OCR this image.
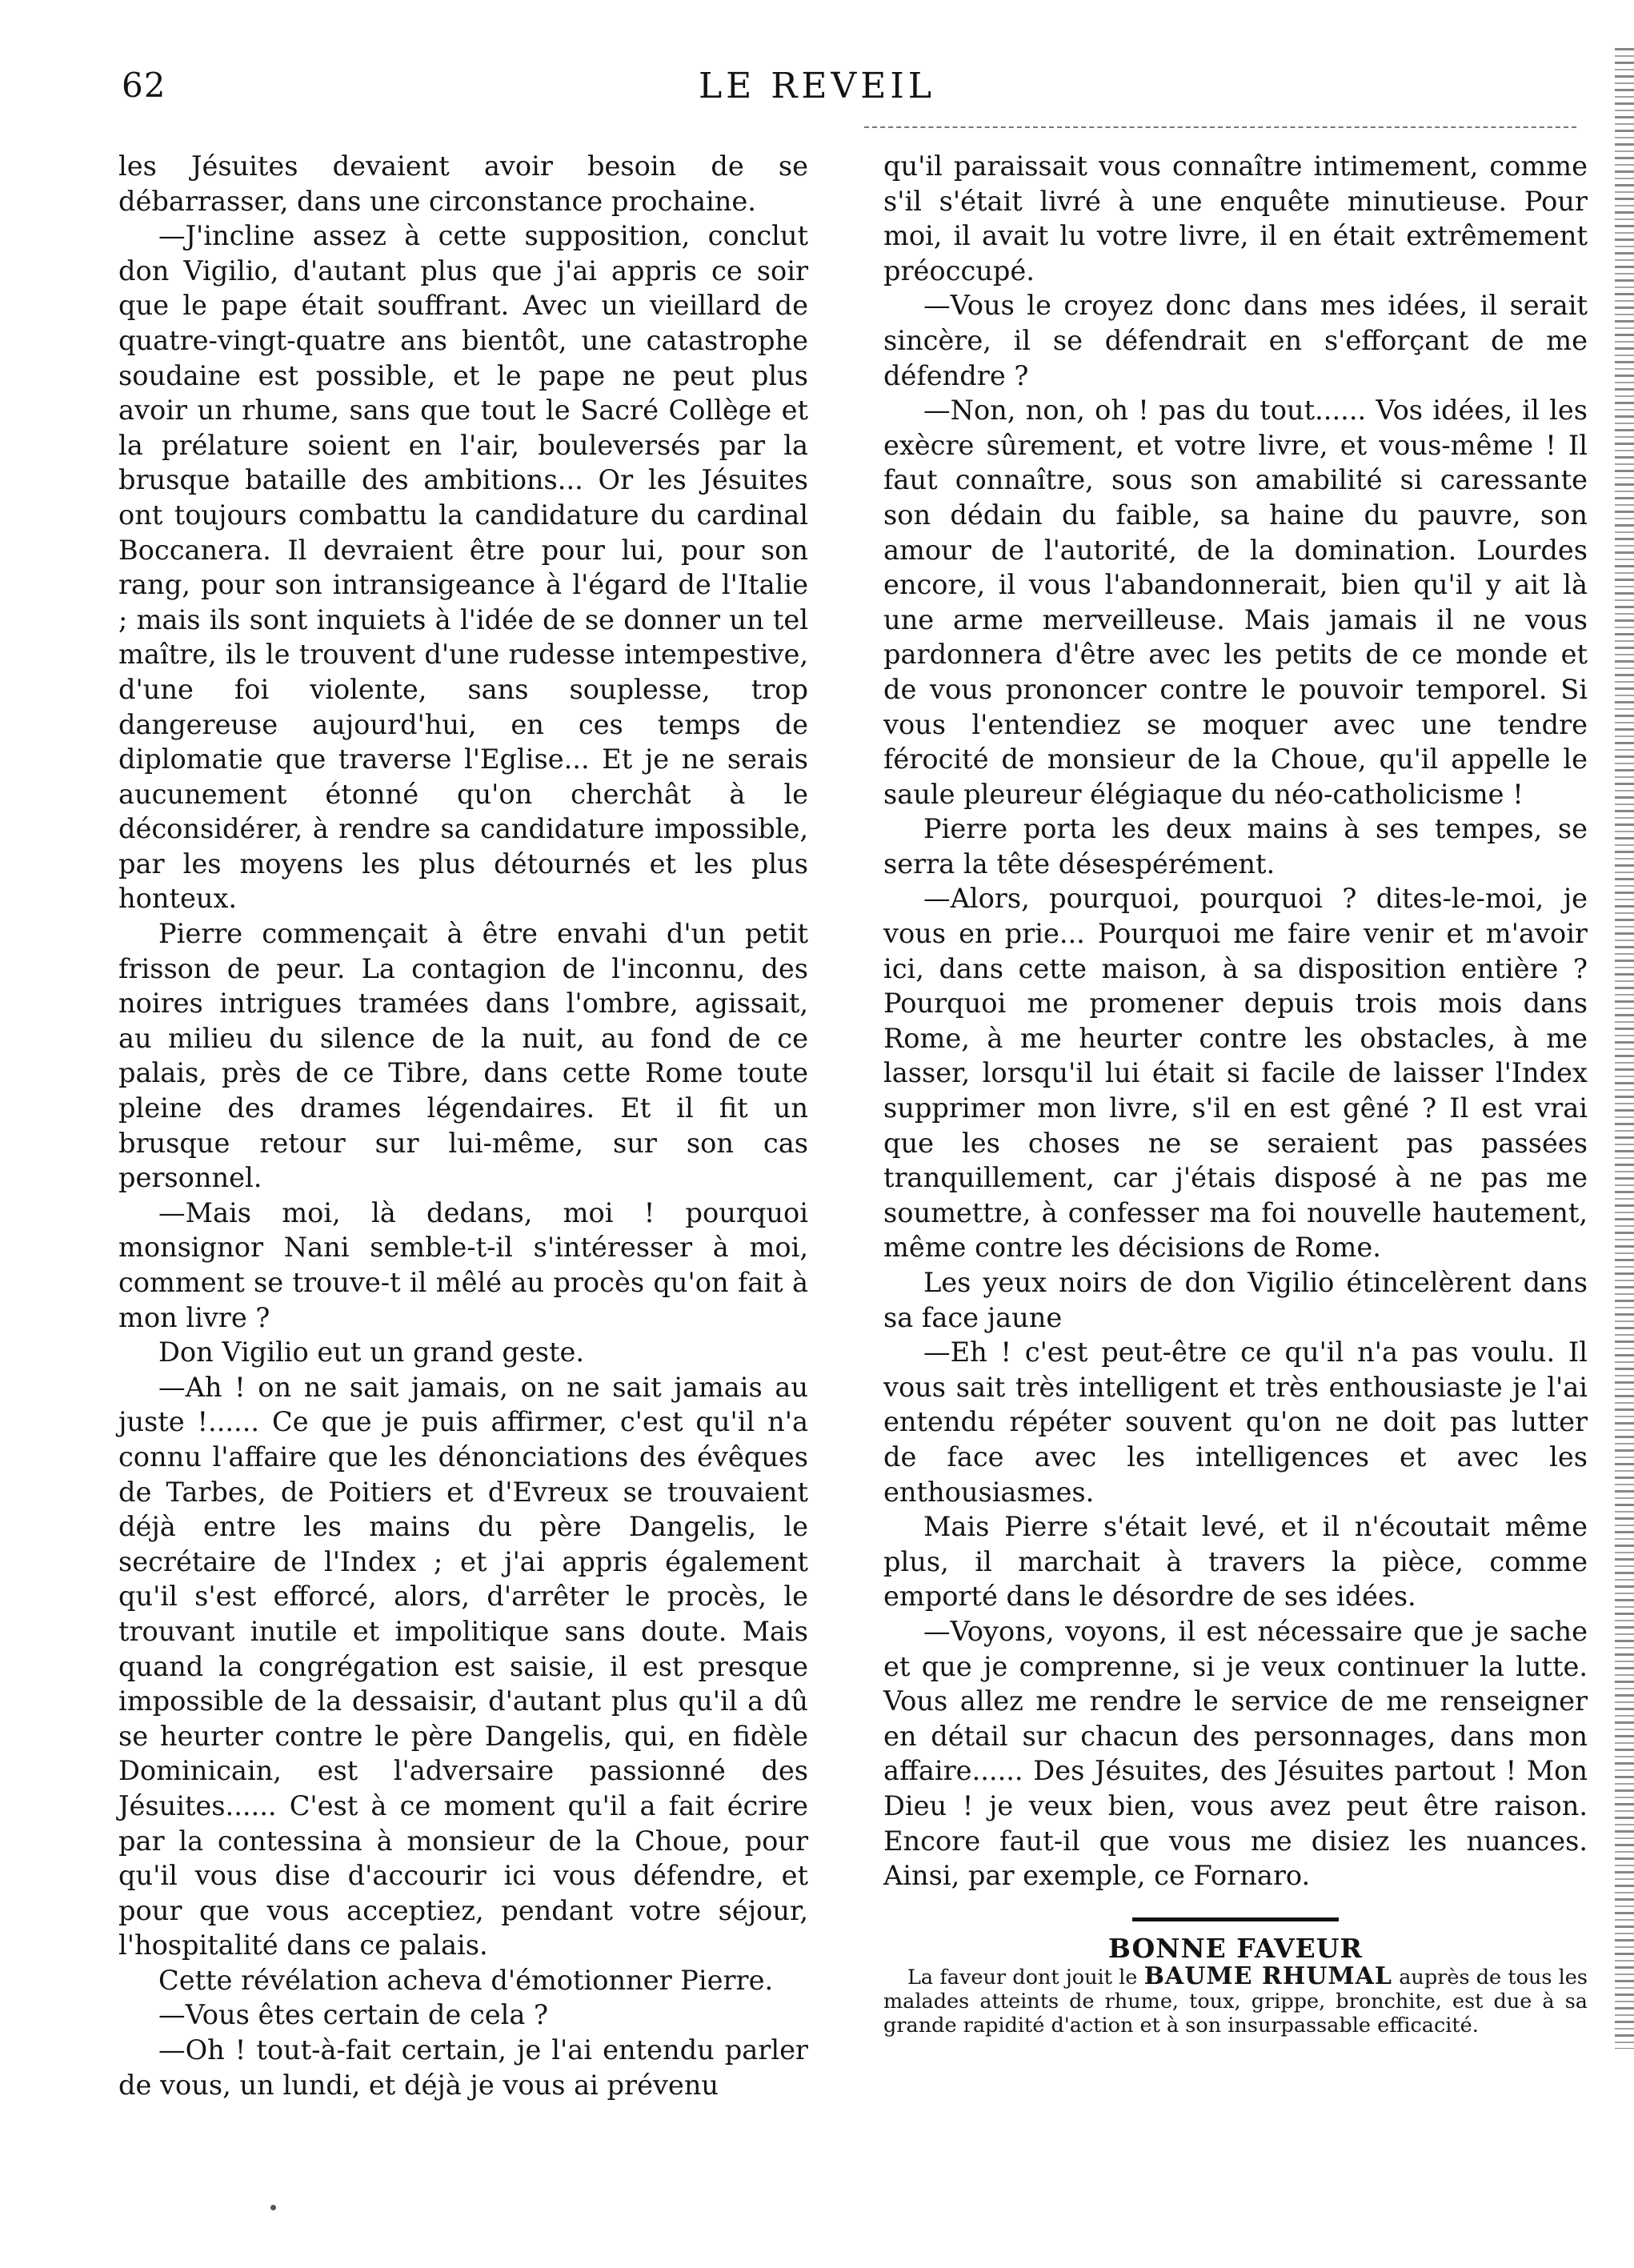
62	LE REVEIL

les Jésuites devaient avoir besoin de se débarrasser, dans une circonstance prochaine.

—J'incline assez à cette supposition, conclut don Vigilio, d'autant plus que j'ai appris ce soir que le pape était souffrant. Avec un vieillard de quatre-vingt-quatre ans bientôt, une catastrophe soudaine est possible, et le pape ne peut plus avoir un rhume, sans que tout le Sacré Collège et la prélature soient en l'air, bouleversés par la brusque bataille des ambitions... Or les Jésuites ont toujours combattu la candidature du cardinal Boccanera. Il devraient être pour lui, pour son rang, pour son intransigeance à l'égard de l'Italie ; mais ils sont inquiets à l'idée de se donner un tel maître, ils le trouvent d'une rudesse intempestive, d'une foi violente, sans souplesse, trop dangereuse aujourd'hui, en ces temps de diplomatie que traverse l'Eglise... Et je ne serais aucunement étonné qu'on cherchât à le déconsidérer, à rendre sa candidature impossible, par les moyens les plus détournés et les plus honteux.

Pierre commençait à être envahi d'un petit frisson de peur. La contagion de l'inconnu, des noires intrigues tramées dans l'ombre, agissait, au milieu du silence de la nuit, au fond de ce palais, près de ce Tibre, dans cette Rome toute pleine des drames légendaires. Et il fit un brusque retour sur lui-même, sur son cas personnel.

—Mais moi, là dedans, moi ! pourquoi monsignor Nani semble-t-il s'intéresser à moi, comment se trouve-t il mêlé au procès qu'on fait à mon livre ?

Don Vigilio eut un grand geste.

—Ah ! on ne sait jamais, on ne sait jamais au juste !...... Ce que je puis affirmer, c'est qu'il n'a connu l'affaire que les dénonciations des évêques de Tarbes, de Poitiers et d'Evreux se trouvaient déjà entre les mains du père Dangelis, le secrétaire de l'Index ; et j'ai appris également qu'il s'est efforcé, alors, d'arrêter le procès, le trouvant inutile et impolitique sans doute. Mais quand la congrégation est saisie, il est presque impossible de la dessaisir, d'autant plus qu'il a dû se heurter contre le père Dangelis, qui, en fidèle Dominicain, est l'adversaire passionné des Jésuites...... C'est à ce moment qu'il a fait écrire par la contessina à monsieur de la Choue, pour qu'il vous dise d'accourir ici vous défendre, et pour que vous acceptiez, pendant votre séjour, l'hospitalité dans ce palais.

Cette révélation acheva d'émotionner Pierre.

—Vous êtes certain de cela ?

—Oh ! tout-à-fait certain, je l'ai entendu parler de vous, un lundi, et déjà je vous ai prévenu

qu'il paraissait vous connaître intimement, comme s'il s'était livré à une enquête minutieuse. Pour moi, il avait lu votre livre, il en était extrêmement préoccupé.

—Vous le croyez donc dans mes idées, il serait sincère, il se défendrait en s'efforçant de me défendre ?

—Non, non, oh ! pas du tout...... Vos idées, il les exècre sûrement, et votre livre, et vous-même ! Il faut connaître, sous son amabilité si caressante son dédain du faible, sa haine du pauvre, son amour de l'autorité, de la domination. Lourdes encore, il vous l'abandonnerait, bien qu'il y ait là une arme merveilleuse. Mais jamais il ne vous pardonnera d'être avec les petits de ce monde et de vous prononcer contre le pouvoir temporel. Si vous l'entendiez se moquer avec une tendre férocité de monsieur de la Choue, qu'il appelle le saule pleureur élégiaque du néo-catholicisme !

Pierre porta les deux mains à ses tempes, se serra la tête désespérément.

—Alors, pourquoi, pourquoi ? dites-le-moi, je vous en prie... Pourquoi me faire venir et m'avoir ici, dans cette maison, à sa disposition entière ? Pourquoi me promener depuis trois mois dans Rome, à me heurter contre les obstacles, à me lasser, lorsqu'il lui était si facile de laisser l'Index supprimer mon livre, s'il en est gêné ? Il est vrai que les choses ne se seraient pas passées tranquillement, car j'étais disposé à ne pas me soumettre, à confesser ma foi nouvelle hautement, même contre les décisions de Rome.

Les yeux noirs de don Vigilio étincelèrent dans sa face jaune

—Eh ! c'est peut-être ce qu'il n'a pas voulu. Il vous sait très intelligent et très enthousiaste je l'ai entendu répéter souvent qu'on ne doit pas lutter de face avec les intelligences et avec les enthousiasmes.

Mais Pierre s'était levé, et il n'écoutait même plus, il marchait à travers la pièce, comme emporté dans le désordre de ses idées.

—Voyons, voyons, il est nécessaire que je sache et que je comprenne, si je veux continuer la lutte. Vous allez me rendre le service de me renseigner en détail sur chacun des personnages, dans mon affaire...... Des Jésuites, des Jésuites partout ! Mon Dieu ! je veux bien, vous avez peut être raison. Encore faut-il que vous me disiez les nuances. Ainsi, par exemple, ce Fornaro.

BONNE FAVEUR

La faveur dont jouit le BAUME RHUMAL auprès de tous les malades atteints de rhume, toux, grippe, bronchite, est due à sa grande rapidité d'action et à son insurpassable efficacité.
